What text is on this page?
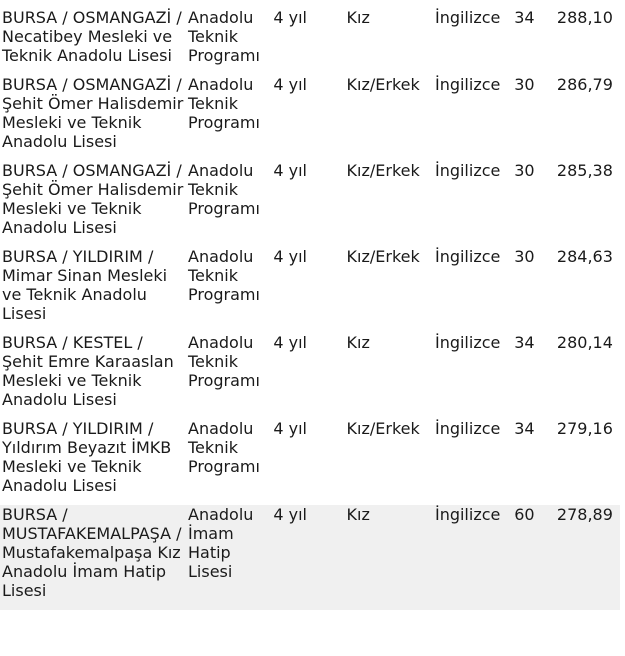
BURSA / OSMANGAZİ / Necatibey Mesleki ve Teknik Anadolu Lisesi	Anadolu Teknik Programı	4 yıl	Kız	İngilizce	34	288,10
BURSA / OSMANGAZİ / Şehit Ömer Halisdemir Mesleki ve Teknik Anadolu Lisesi	Anadolu Teknik Programı	4 yıl	Kız/Erkek	İngilizce	30	286,79
BURSA / OSMANGAZİ / Şehit Ömer Halisdemir Mesleki ve Teknik Anadolu Lisesi	Anadolu Teknik Programı	4 yıl	Kız/Erkek	İngilizce	30	285,38
BURSA / YILDIRIM / Mimar Sinan Mesleki ve Teknik Anadolu Lisesi	Anadolu Teknik Programı	4 yıl	Kız/Erkek	İngilizce	30	284,63
BURSA / KESTEL / Şehit Emre Karaaslan Mesleki ve Teknik Anadolu Lisesi	Anadolu Teknik Programı	4 yıl	Kız	İngilizce	34	280,14
BURSA / YILDIRIM / Yıldırım Beyazıt İMKB Mesleki ve Teknik Anadolu Lisesi	Anadolu Teknik Programı	4 yıl	Kız/Erkek	İngilizce	34	279,16
BURSA / MUSTAFAKEMALPAŞA / Mustafakemalpaşa Kız Anadolu İmam Hatip Lisesi	Anadolu İmam Hatip Lisesi	4 yıl	Kız	İngilizce	60	278,89
